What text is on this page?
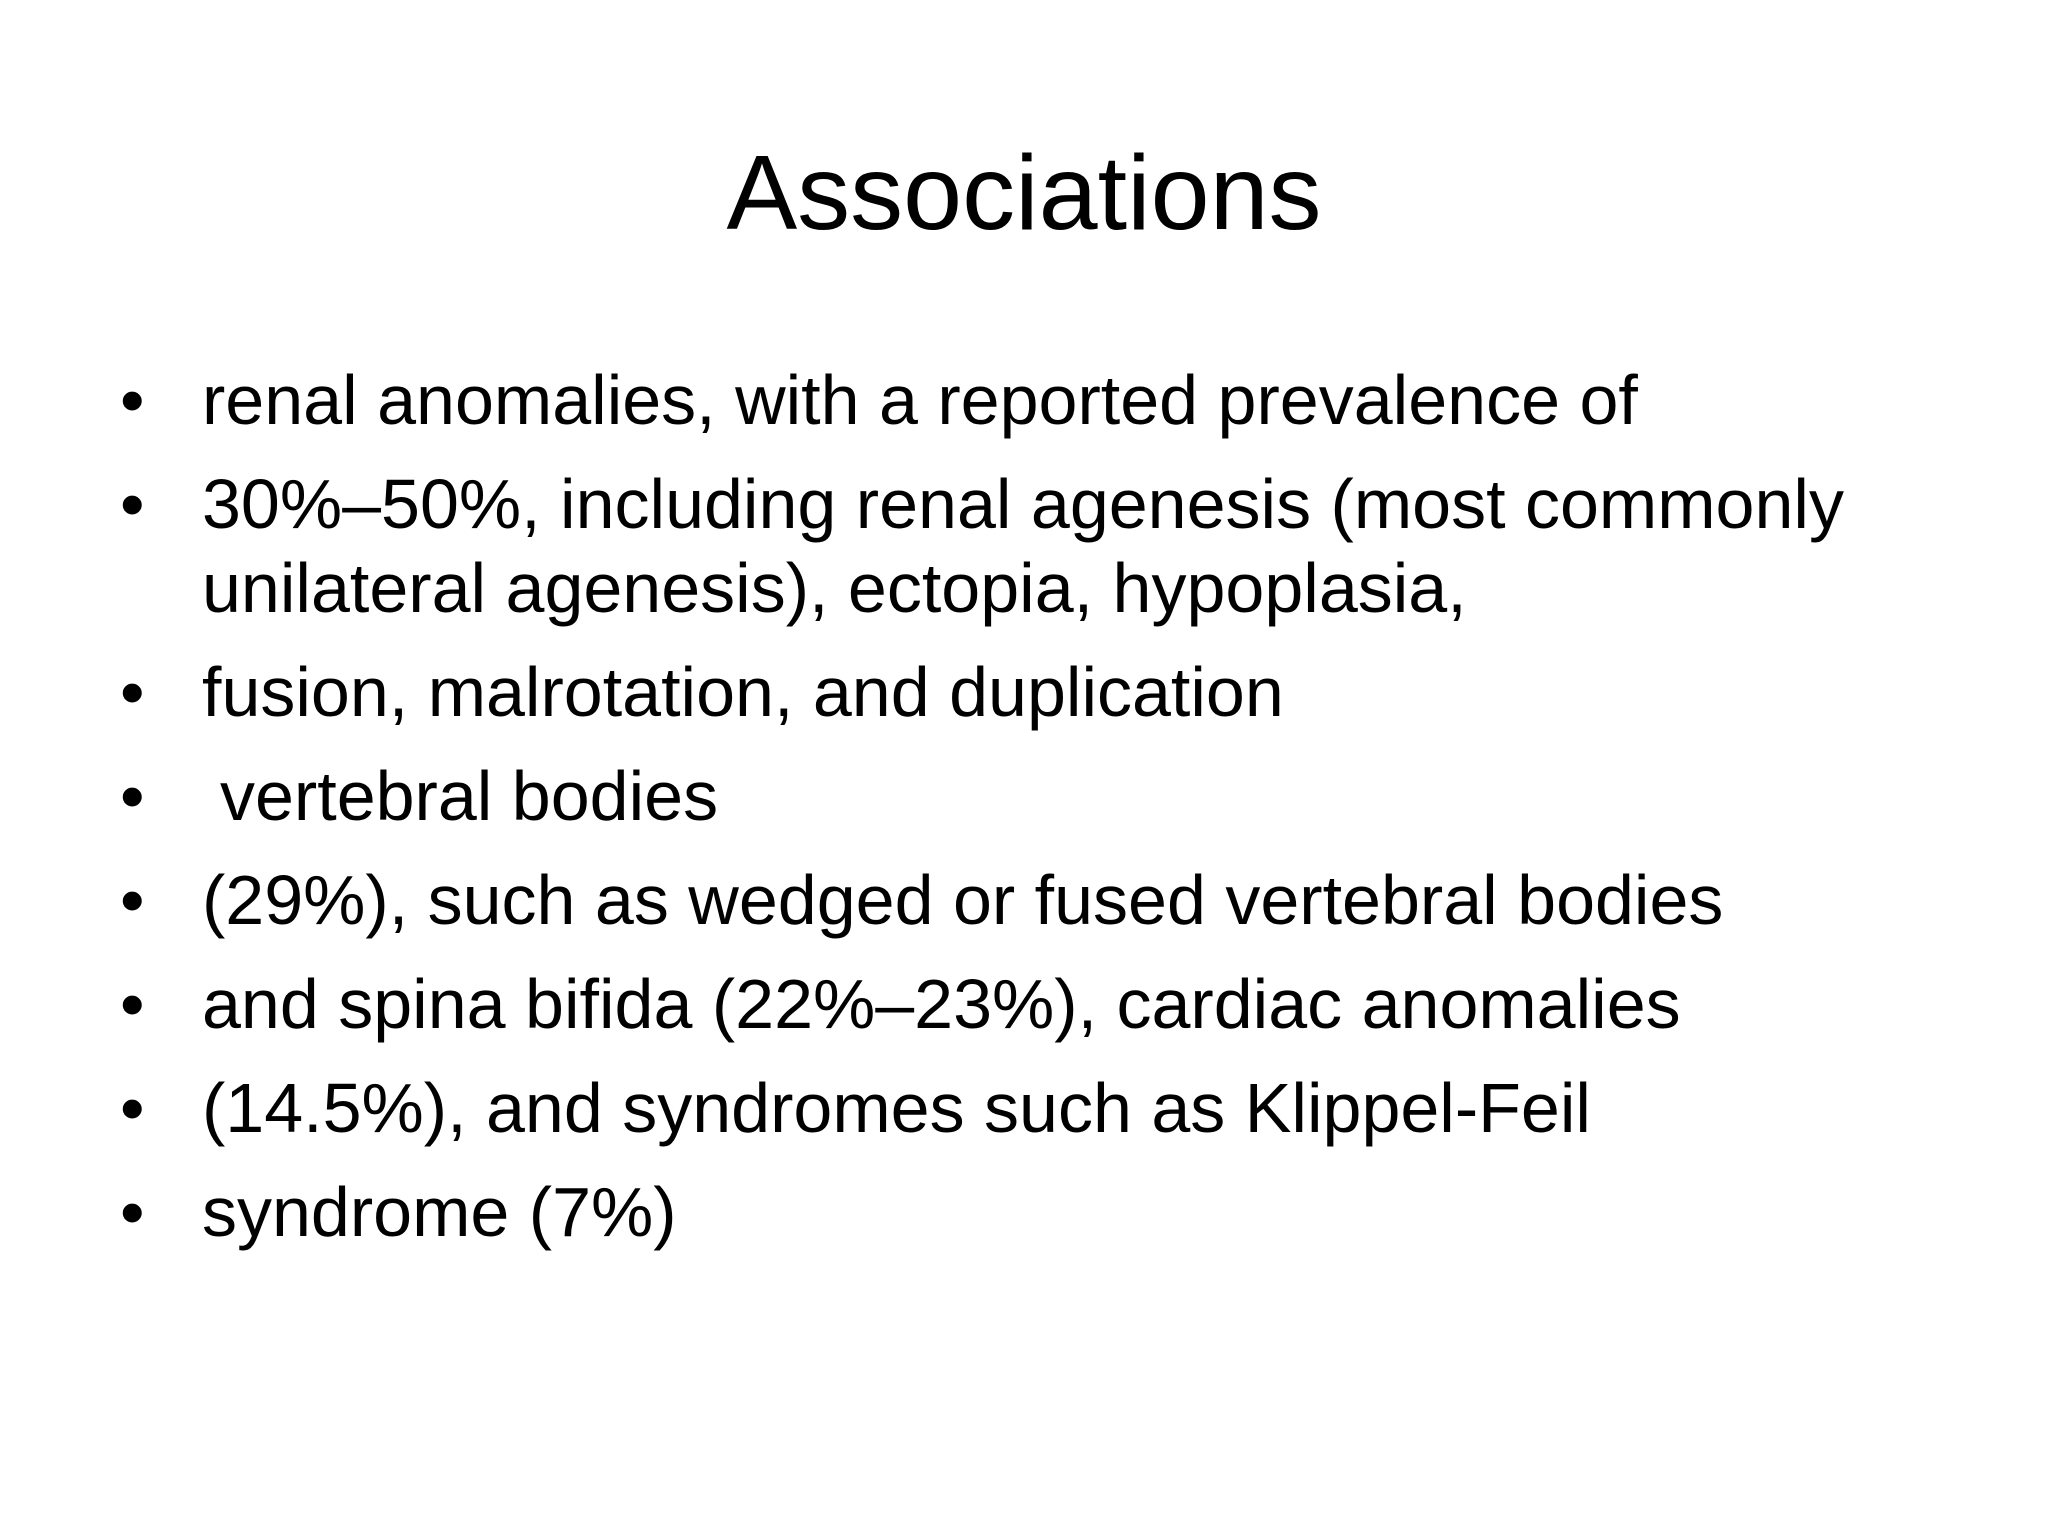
Associations
• renal anomalies, with a reported prevalence of
• 30%–50%, including renal agenesis (most commonly unilateral agenesis), ectopia, hypoplasia,
• fusion, malrotation, and duplication
• vertebral bodies
• (29%), such as wedged or fused vertebral bodies
• and spina bifida (22%–23%), cardiac anomalies
• (14.5%), and syndromes such as Klippel-Feil
• syndrome (7%)
